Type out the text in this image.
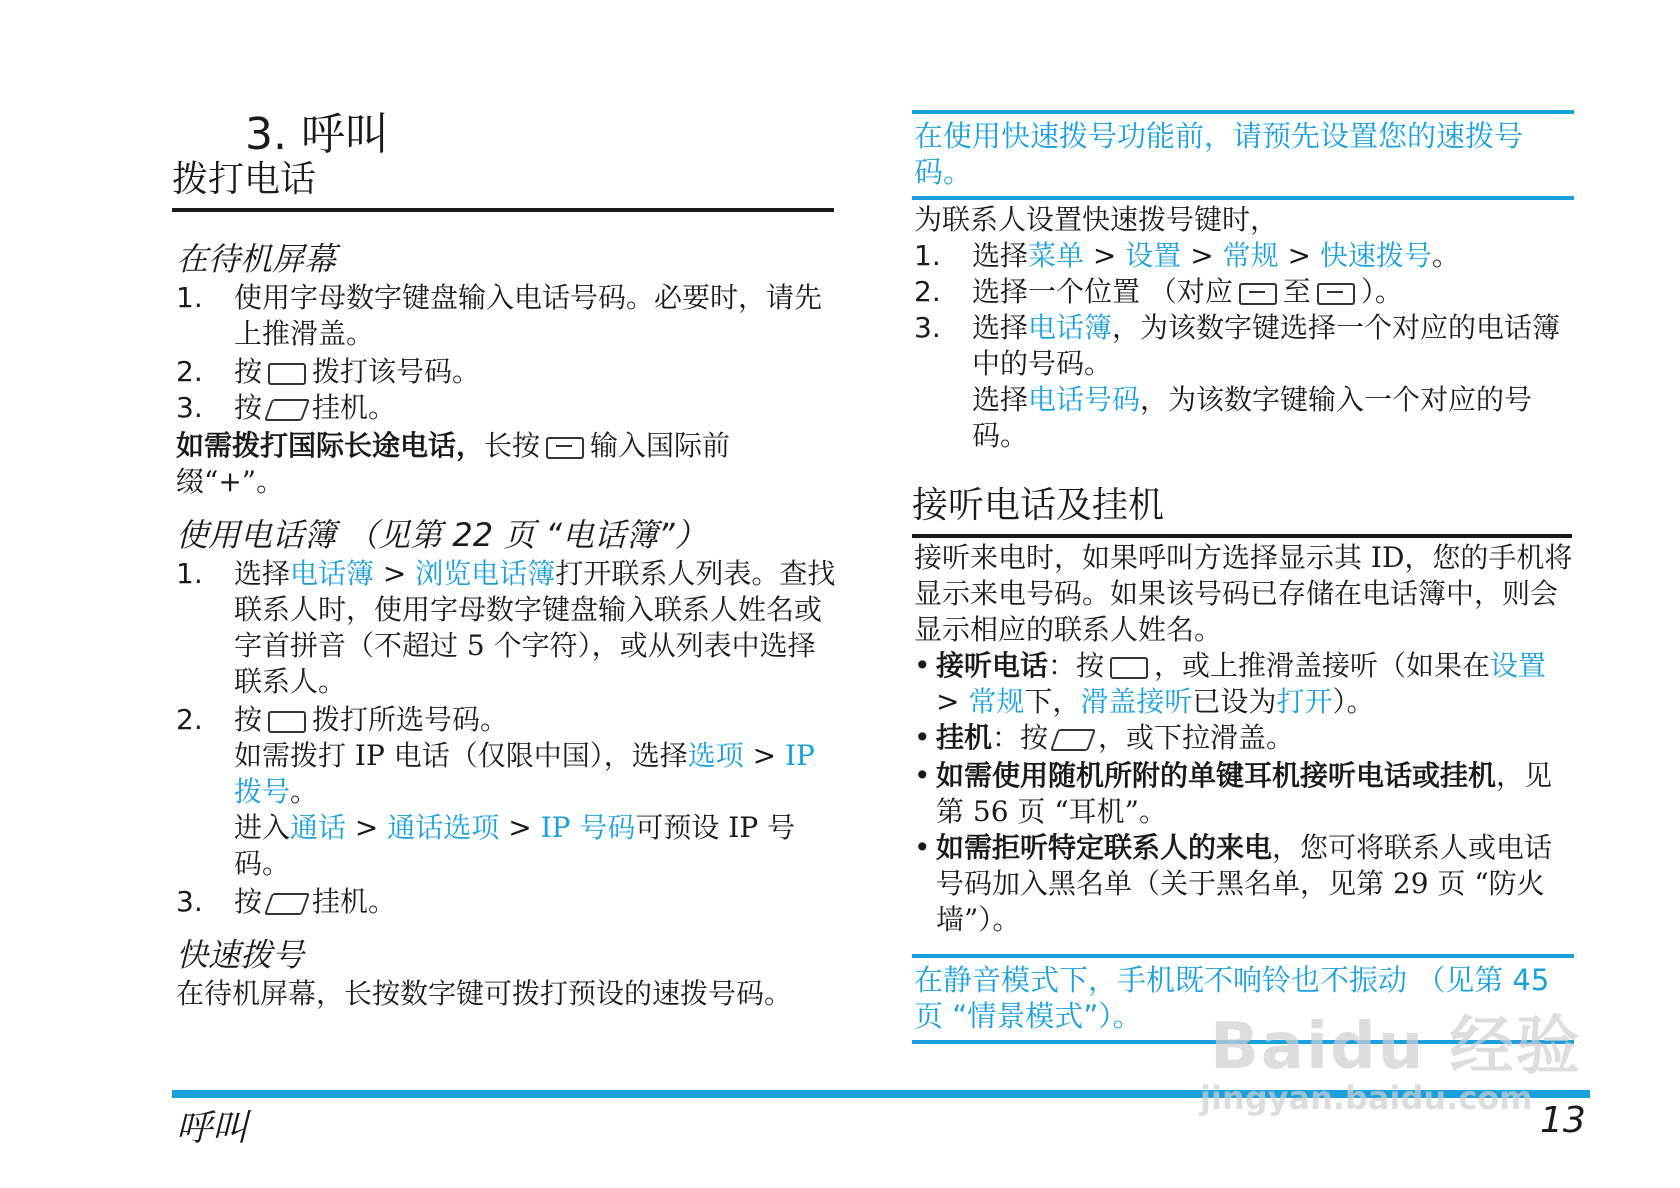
3. 呼叫
拨打电话
在待机屏幕
1.	使用字母数字键盘输入电话号码。必要时，请先上推滑盖。
2.	按 拨打该号码。
3.	按 挂机。

如需拨打国际长途电话，长按 输入国际前缀“+”。

使用电话簿 （见第 22 页 “电话簿”）
1.	选择电话簿 > 浏览电话簿打开联系人列表。查找联系人时，使用字母数字键盘输入联系人姓名或字首拼音（不超过 5 个字符），或从列表中选择联系人。
2.	按 拨打所选号码。

如需拨打 IP 电话（仅限中国），选择选项 > IP 拨号。

进入通话 > 通话选项 > IP 号码可预设 IP 号码。

3.	按 挂机。
快速拨号

在待机屏幕，长按数字键可拨打预设的速拨号码。

在使用快速拨号功能前，请预先设置您的速拨号码。

为联系人设置快速拨号键时，

1.	选择菜单 > 设置 > 常规 > 快速拨号。
2.	选择一个位置 （对应 至 ）。
3.	选择电话簿，为该数字键选择一个对应的电话簿中的号码。
选择电话号码，为该数字键输入一个对应的号码。
接听电话及挂机

接听来电时，如果呼叫方选择显示其 ID，您的手机将显示来电号码。如果该号码已存储在电话簿中，则会显示相应的联系人姓名。

• 接听电话：按 ，或上推滑盖接听（如果在设置 > 常规下，滑盖接听已设为打开）。
• 挂机：按 ，或下拉滑盖。
• 如需使用随机所附的单键耳机接听电话或挂机，见第 56 页 “耳机”。
• 如需拒听特定联系人的来电，您可将联系人或电话号码加入黑名单（关于黑名单，见第 29 页 “防火墙”）。
在静音模式下，手机既不响铃也不振动 （见第 45 页 “情景模式”）。
呼叫	13
Baidu 经验
jingyan.baidu.com
